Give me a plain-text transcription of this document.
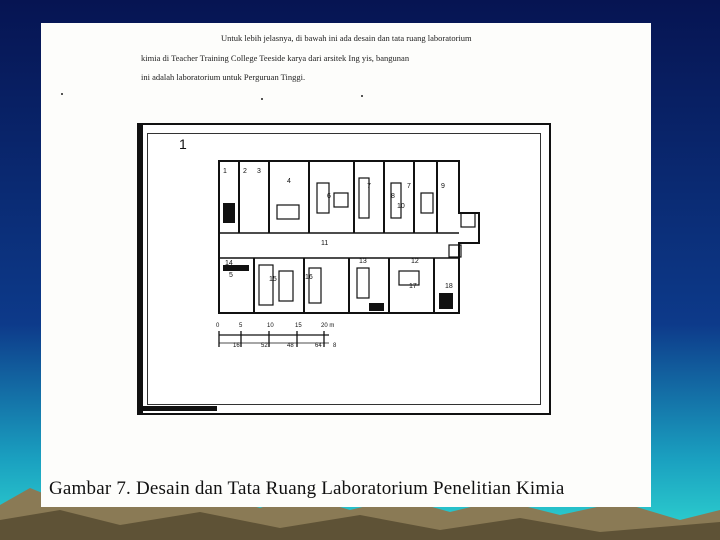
Untuk lebih jelasnya, di bawah ini ada desain dan tata ruang laboratorium
kimia di Teacher Training College Teeside karya dari arsitek Ing yis, bangunan
ini adalah laboratorium untuk Perguruan Tinggi.
1
1 2 3
4
5
6
7	7
8
9
10
11
12
13
14
15	16
17	18
0	5	10	15	20 m
16	52	48	64 8
Gambar 7. Desain dan Tata Ruang Laboratorium Penelitian Kimia
